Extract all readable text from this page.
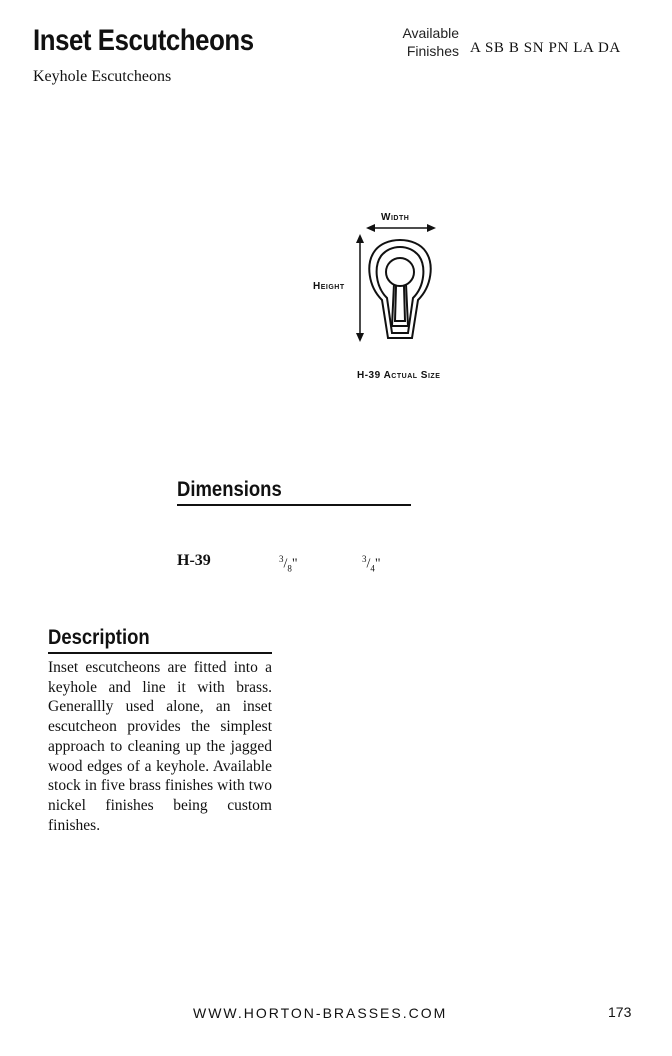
Inset Escutcheons
Keyhole Escutcheons
Available
Finishes A SB B SN PN LA DA
Width
Height
H-39 Actual Size
Dimensions
H-39	$^3/_8$"	$^3/_4$"
Description
Inset escutcheons are fitted into a keyhole and line it with brass. Generallly used alone, an inset escutcheon provides the simplest approach to cleaning up the jagged wood edges of a keyhole. Available stock in five brass finishes with two nickel finishes being custom finishes.
WWW.HORTON-BRASSES.COM	173
